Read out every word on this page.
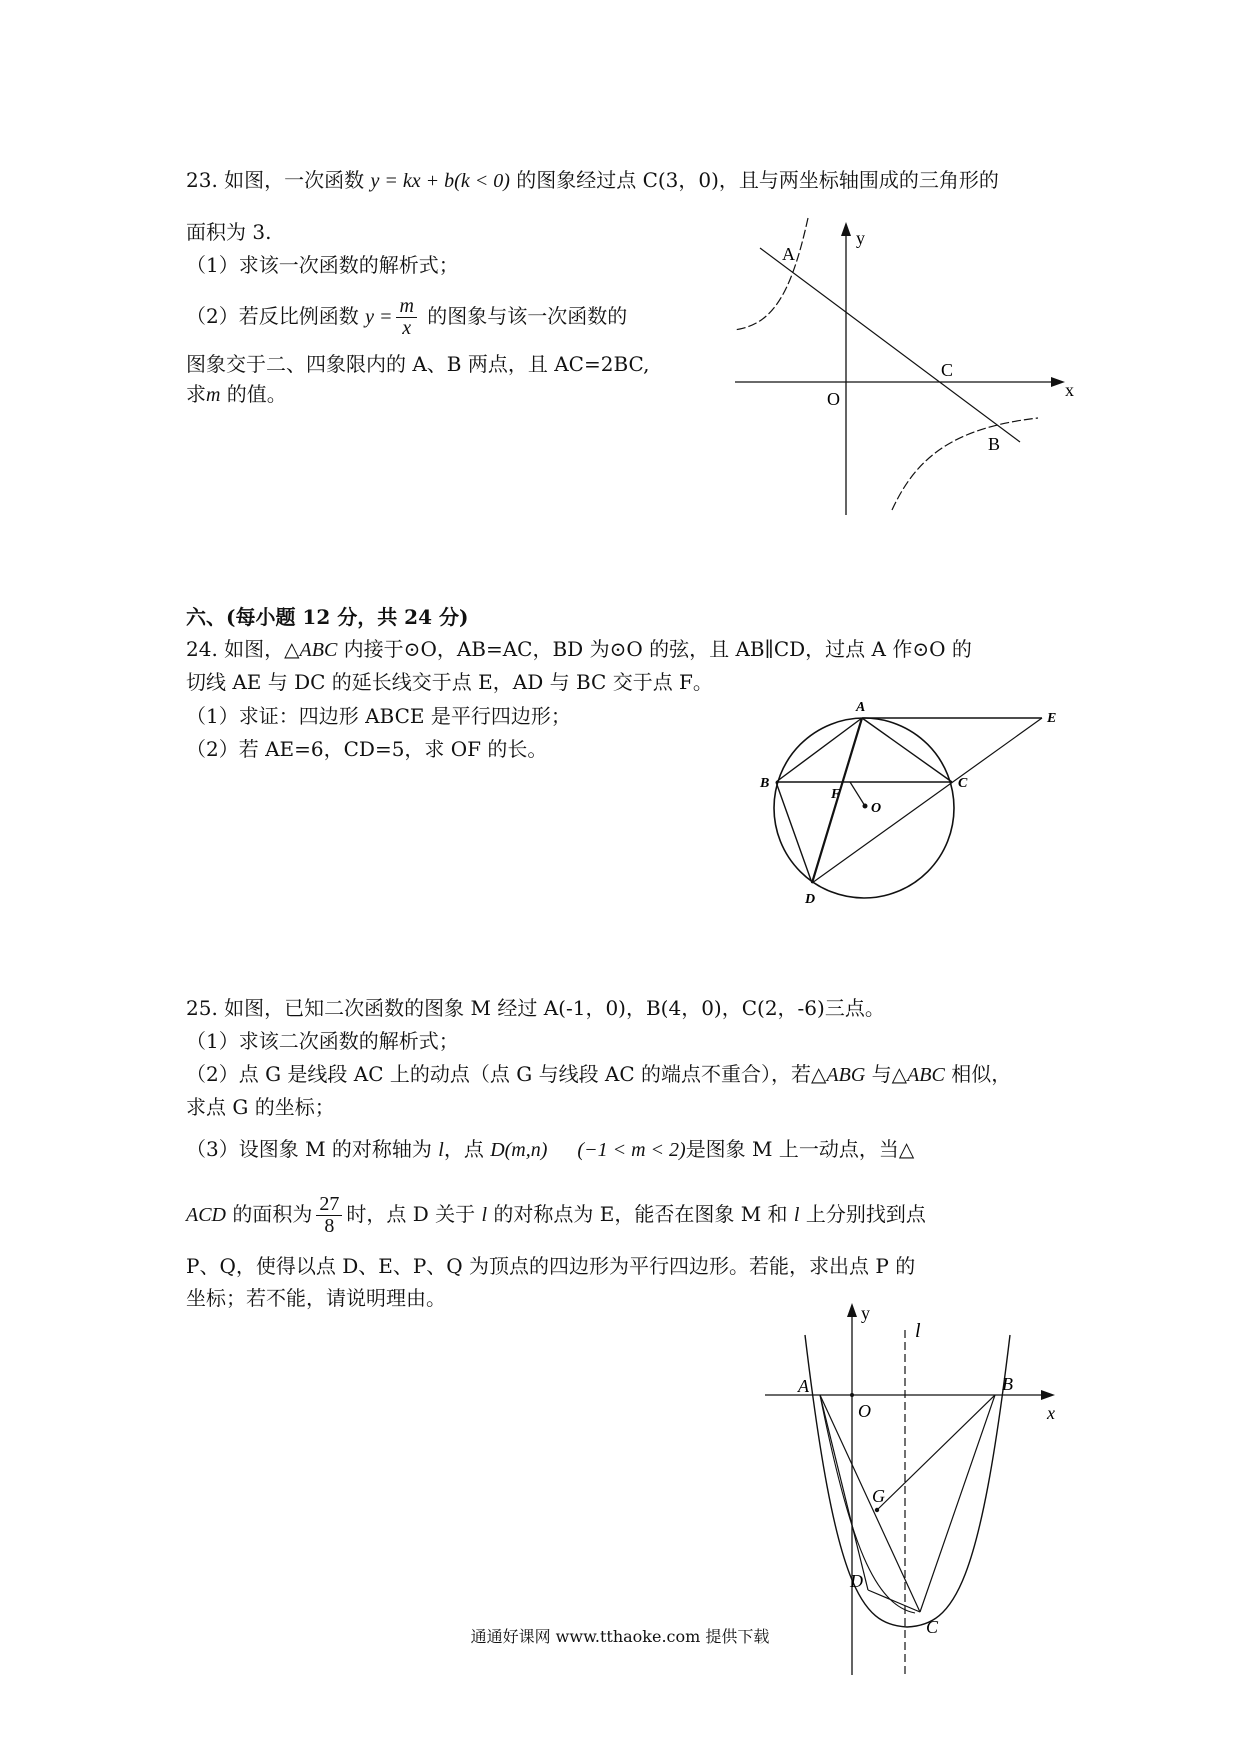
23. 如图，一次函数 y = kx + b(k < 0) 的图象经过点 C(3，0)，且与两坐标轴围成的三角形的
面积为 3.
（1）求该一次函数的解析式；
（2）若反比例函数 $y = \frac{m}{x}$ 的图象与该一次函数的
图象交于二、四象限内的 A、B 两点，且 AC=2BC,
求m 的值。
y
x
O
A
C
B
六、(每小题 12 分，共 24 分)
24. 如图，△ABC 内接于⊙O，AB=AC，BD 为⊙O 的弦，且 AB∥CD，过点 A 作⊙O 的
切线 AE 与 DC 的延长线交于点 E，AD 与 BC 交于点 F。
（1）求证：四边形 ABCE 是平行四边形；
（2）若 AE=6，CD=5，求 OF 的长。
A
E
B
F
C
O
D
25. 如图，已知二次函数的图象 M 经过 A(-1，0)，B(4，0)，C(2，-6)三点。
（1）求该二次函数的解析式；
（2）点 G 是线段 AC 上的动点（点 G 与线段 AC 的端点不重合），若△ABG 与△ABC 相似，
求点 G 的坐标；
（3）设图象 M 的对称轴为 l，点 D(m,n) (−1 < m < 2)是图象 M 上一动点，当△
ACD 的面积为 $\frac{27}{8}$ 时，点 D 关于 l 的对称点为 E，能否在图象 M 和 l 上分别找到点
P、Q，使得以点 D、E、P、Q 为顶点的四边形为平行四边形。若能，求出点 P 的
坐标；若不能，请说明理由。
y
l
A	B
O	x
G
D
C
通通好课网 www.tthaoke.com 提供下载
